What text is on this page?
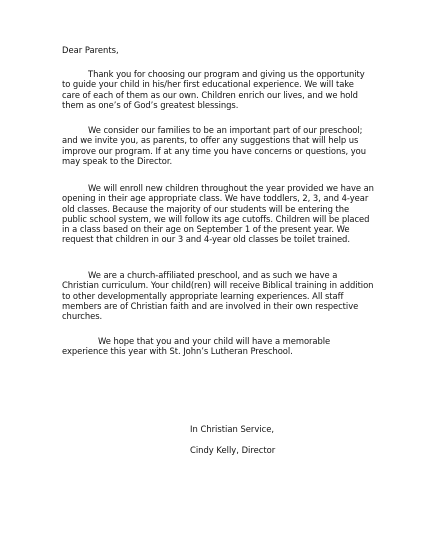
Dear Parents,

Thank you for choosing our program and giving us the opportunity to guide your child in his/her first educational experience. We will take care of each of them as our own. Children enrich our lives, and we hold them as one’s of God’s greatest blessings.

We consider our families to be an important part of our preschool; and we invite you, as parents, to offer any suggestions that will help us improve our program. If at any time you have concerns or questions, you may speak to the Director.

We will enroll new children throughout the year provided we have an opening in their age appropriate class. We have toddlers, 2, 3, and 4-year old classes. Because the majority of our students will be entering the public school system, we will follow its age cutoffs. Children will be placed in a class based on their age on September 1 of the present year. We request that children in our 3 and 4-year old classes be toilet trained.

We are a church-affiliated preschool, and as such we have a Christian curriculum. Your child(ren) will receive Biblical training in addition to other developmentally appropriate learning experiences. All staff members are of Christian faith and are involved in their own respective churches.

We hope that you and your child will have a memorable experience this year with St. John’s Lutheran Preschool.

In Christian Service,

Cindy Kelly, Director
